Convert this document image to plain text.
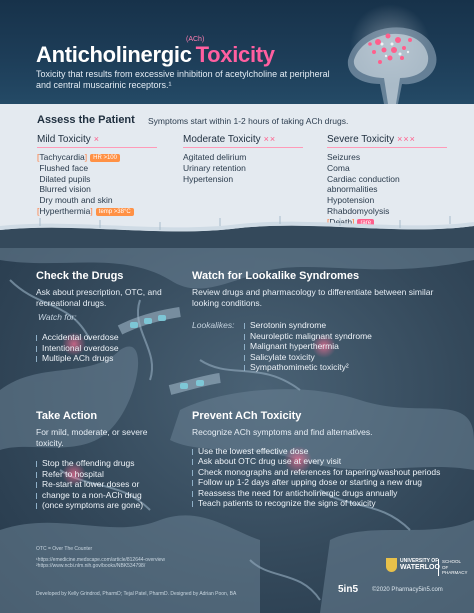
(ACh)
Anticholinergic Toxicity
Toxicity that results from excessive inhibition of acetylcholine at peripheral and central muscarinic receptors.¹
Assess the Patient Symptoms start within 1-2 hours of taking ACh drugs.
Mild Toxicity ×
[Tachycardia] HR >100
Flushed face
Dilated pupils
Blurred vision
Dry mouth and skin
[Hyperthermia] temp >38°C
Moderate Toxicity ××
Agitated delirium
Urinary retention
Hypertension
Severe Toxicity ×××
Seizures
Coma
Cardiac conduction
abnormalities
Hypotension
Rhabdomyolysis
[Death] rare
Check the Drugs
Ask about prescription, OTC, and recreational drugs.
Watch for:
Accidental overdose
Intentional overdose
Multiple ACh drugs
Watch for Lookalike Syndromes
Review drugs and pharmacology to differentiate between similar looking conditions.
Lookalikes:	Serotonin syndrome
Neuroleptic malignant syndrome
Malignant hyperthermia
Salicylate toxicity
Sympathomimetic toxicity²
Take Action
For mild, moderate, or severe toxicity.
Stop the offending drugs
Refer to hospital
Re-start at lower doses or
change to a non-ACh drug
(once symptoms are gone)
Prevent ACh Toxicity
Recognize ACh symptoms and find alternatives.
Use the lowest effective dose
Ask about OTC drug use at every visit
Check monographs and references for tapering/washout periods
Follow up 1-2 days after upping dose or starting a new drug
Reassess the need for anticholinergic drugs annually
Teach patients to recognize the signs of toxicity
OTC = Over The Counter
¹https://emedicine.medscape.com/article/812644-overview
²https://www.ncbi.nlm.nih.gov/books/NBK534798/
Developed by Kelly Grindrod, PharmD; Tejal Patel, PharmD. Designed by Adrian Poon, BA
UNIVERSITY OF
WATERLOO
SCHOOL OF PHARMACY
5in5 ©2020 Pharmacy5in5.com
